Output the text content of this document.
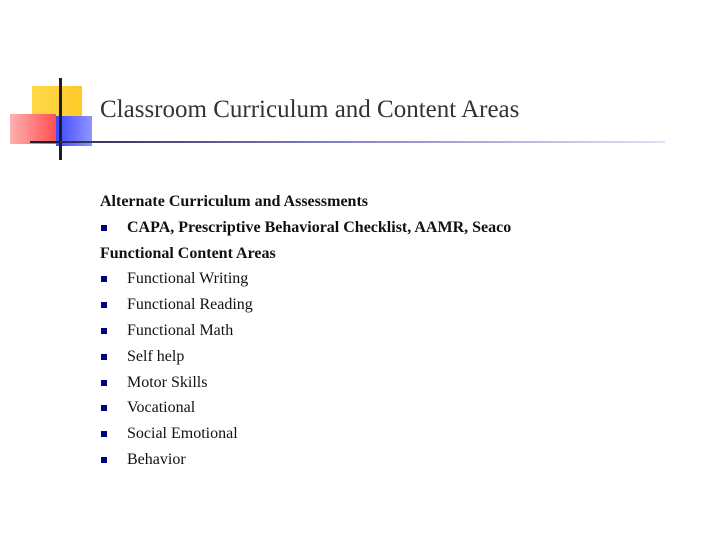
Classroom Curriculum and Content Areas
Alternate Curriculum and Assessments
CAPA, Prescriptive Behavioral Checklist, AAMR, Seaco
Functional Content Areas
Functional Writing
Functional Reading
Functional Math
Self help
Motor Skills
Vocational
Social Emotional
Behavior
